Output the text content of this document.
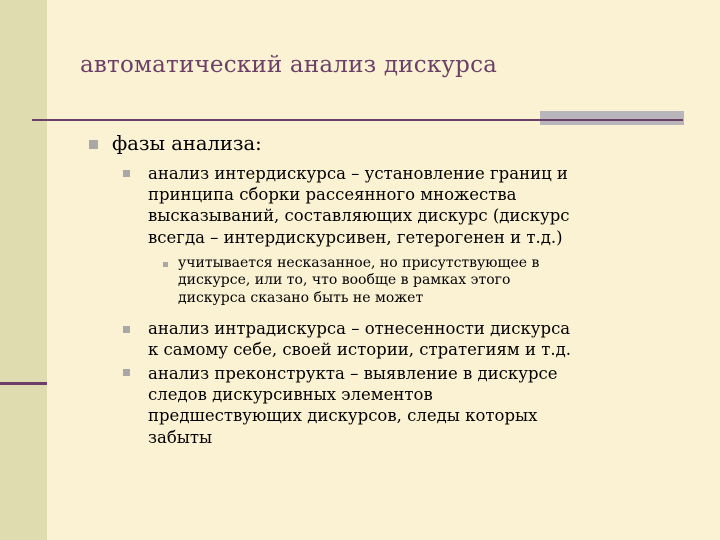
автоматический анализ дискурса
фазы анализа:
анализ интердискурса – установление границ и
принципа сборки рассеянного множества
высказываний, составляющих дискурс (дискурс
всегда – интердискурсивен, гетерогенен и т.д.)
учитывается несказанное, но присутствующее в
дискурсе, или то, что вообще в рамках этого
дискурса сказано быть не может
анализ интрадискурса – отнесенности дискурса
к самому себе, своей истории, стратегиям и т.д.
анализ преконструкта – выявление в дискурсе
следов дискурсивных элементов
предшествующих дискурсов, следы которых
забыты
